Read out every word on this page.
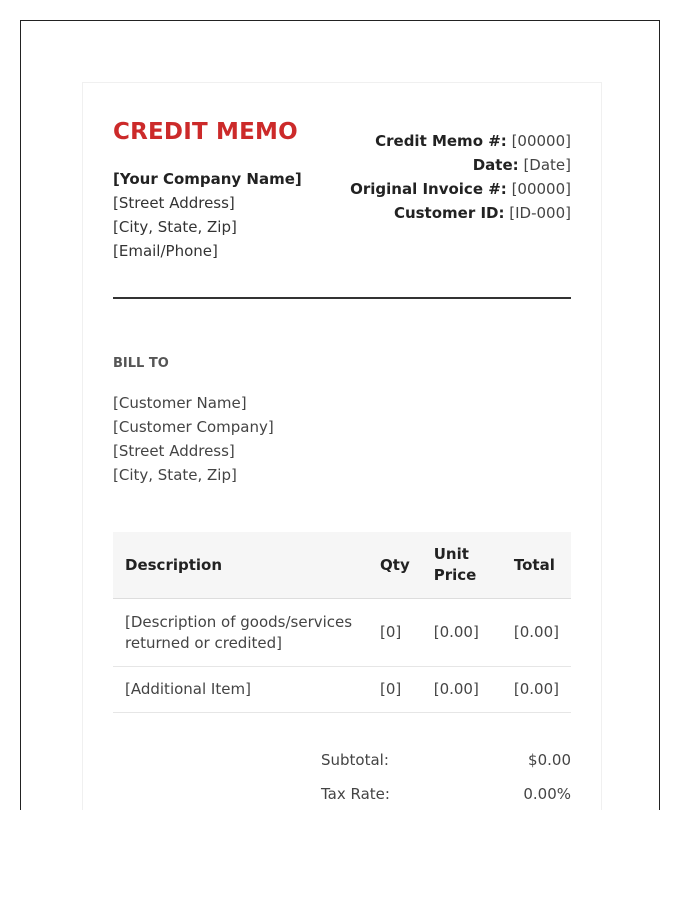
CREDIT MEMO
[Your Company Name]
[Street Address]
[City, State, Zip]
[Email/Phone]
Credit Memo #: [00000]
Date: [Date]
Original Invoice #: [00000]
Customer ID: [ID-000]
BILL TO
[Customer Name]
[Customer Company]
[Street Address]
[City, State, Zip]
Description	Qty	Unit Price	Total
[Description of goods/services returned or credited]	[0]	[0.00]	[0.00]
[Additional Item]	[0]	[0.00]	[0.00]
Subtotal:	$0.00
Tax Rate:	0.00%
